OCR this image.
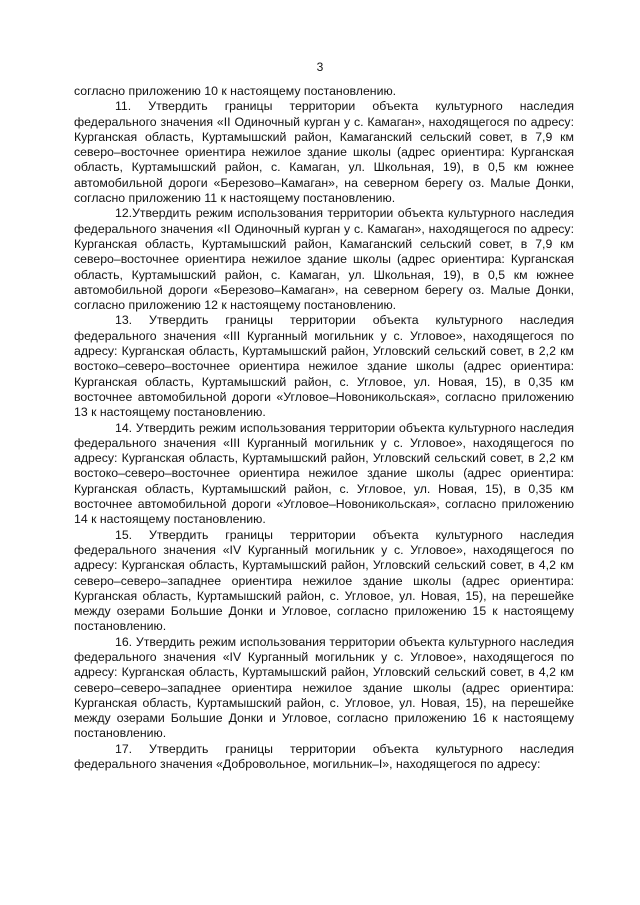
3

согласно приложению 10 к настоящему постановлению.

11. Утвердить границы территории объекта культурного наследия федерального значения «II Одиночный курган у с. Камаган», находящегося по адресу: Курганская область, Куртамышский район, Камаганский сельский совет, в 7,9 км северо–восточнее ориентира нежилое здание школы (адрес ориентира: Курганская область, Куртамышский район, с. Камаган, ул. Школьная, 19), в 0,5 км южнее автомобильной дороги «Березово–Камаган», на северном берегу оз. Малые Донки, согласно приложению 11 к настоящему постановлению.

12.Утвердить режим использования территории объекта культурного наследия федерального значения «II Одиночный курган у с. Камаган», находящегося по адресу: Курганская область, Куртамышский район, Камаганский сельский совет, в 7,9 км северо–восточнее ориентира нежилое здание школы (адрес ориентира: Курганская область, Куртамышский район, с. Камаган, ул. Школьная, 19), в 0,5 км южнее автомобильной дороги «Березово–Камаган», на северном берегу оз. Малые Донки, согласно приложению 12 к настоящему постановлению.

13. Утвердить границы территории объекта культурного наследия федерального значения «III Курганный могильник у с. Угловое», находящегося по адресу: Курганская область, Куртамышский район, Угловский сельский совет, в 2,2 км востоко–северо–восточнее ориентира нежилое здание школы (адрес ориентира: Курганская область, Куртамышский район, с. Угловое, ул. Новая, 15), в 0,35 км восточнее автомобильной дороги «Угловое–Новоникольская», согласно приложению 13 к настоящему постановлению.

14. Утвердить режим использования территории объекта культурного наследия федерального значения «III Курганный могильник у с. Угловое», находящегося по адресу: Курганская область, Куртамышский район, Угловский сельский совет, в 2,2 км востоко–северо–восточнее ориентира нежилое здание школы (адрес ориентира: Курганская область, Куртамышский район, с. Угловое, ул. Новая, 15), в 0,35 км восточнее автомобильной дороги «Угловое–Новоникольская», согласно приложению 14 к настоящему постановлению.

15. Утвердить границы территории объекта культурного наследия федерального значения «IV Курганный могильник у с. Угловое», находящегося по адресу: Курганская область, Куртамышский район, Угловский сельский совет, в 4,2 км северо–северо–западнее ориентира нежилое здание школы (адрес ориентира: Курганская область, Куртамышский район, с. Угловое, ул. Новая, 15), на перешейке между озерами Большие Донки и Угловое, согласно приложению 15 к настоящему постановлению.

16. Утвердить режим использования территории объекта культурного наследия федерального значения «IV Курганный могильник у с. Угловое», находящегося по адресу: Курганская область, Куртамышский район, Угловский сельский совет, в 4,2 км северо–северо–западнее ориентира нежилое здание школы (адрес ориентира: Курганская область, Куртамышский район, с. Угловое, ул. Новая, 15), на перешейке между озерами Большие Донки и Угловое, согласно приложению 16 к настоящему постановлению.

17. Утвердить границы территории объекта культурного наследия федерального значения «Добровольное, могильник–I», находящегося по адресу:
